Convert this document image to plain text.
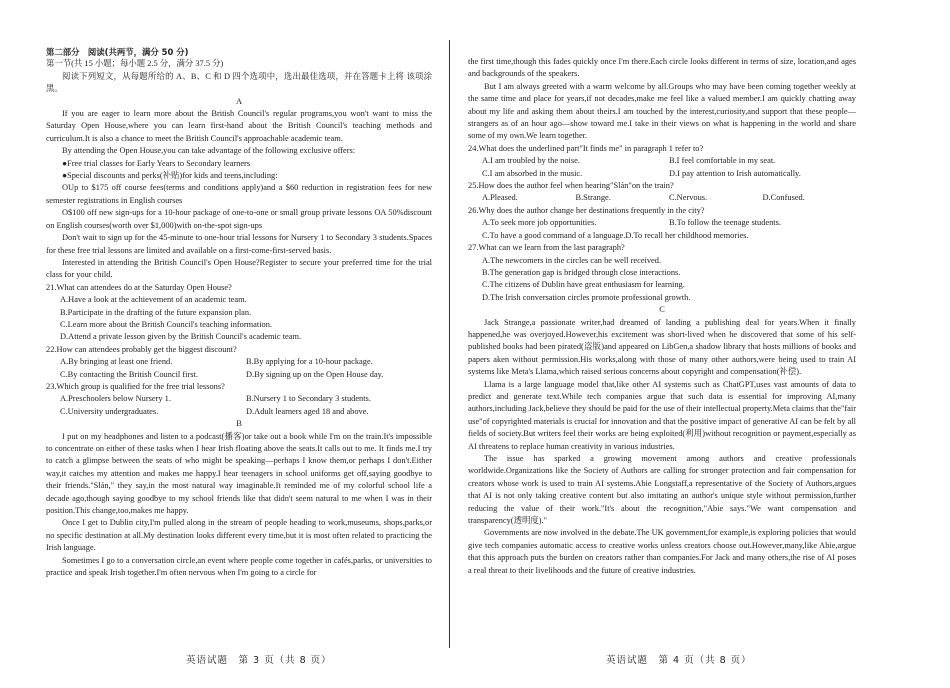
第二部分　阅读(共两节，满分 50 分)

第一节(共 15 小题；每小题 2.5 分，满分 37.5 分)

阅读下列短文，从每题所给的 A、B、C 和 D 四个选项中，选出最佳选项，并在答题卡上将 该项涂黑。

A

If you are eager to learn more about the British Council's regular programs,you won't want to miss the Saturday Open House,where you can learn first-hand about the British Council's teaching methods and curriculum.It is also a chance to meet the British Council's approachable academic team.

By attending the Open House,you can take advantage of the following exclusive offers:

●Free trial classes for Early Years to Secondary learners

●Special discounts and perks(补贴)for kids and teens,including:

OUp to $175 off course fees(terms and conditions apply)and a $60 reduction in registration fees for new semester registrations in English courses

O$100 off new sign-ups for a 10-hour package of one-to-one or small group private lessons OA 50%discount on English courses(worth over $1,000)with on-the-spot sign-ups

Don't wait to sign up for the 45-minute to one-hour trial lessons for Nursery 1 to Secondary 3 students.Spaces for these free trial lessons are limited and available on a first-come-first-served basis.

Interested in attending the British Council's Open House?Register to secure your preferred time for the trial class for your child.

21.What can attendees do at the Saturday Open House?

A.Have a look at the achievement of an academic team.

B.Participate in the drafting of the future expansion plan.

C.Learn more about the British Council's teaching information.

D.Attend a private lesson given by the British Council's academic team.

22.How can attendees probably get the biggest discount?

A.By bringing at least one friend.	B.By applying for a 10-hour package.
C.By contacting the British Council first.	D.By signing up on the Open House day.

23.Which group is qualified for the free trial lessons?

A.Preschoolers below Nursery 1.	B.Nursery 1 to Secondary 3 students.
C.University undergraduates.	D.Adult learners aged 18 and above.

B

I put on my headphones and listen to a podcast(播客)or take out a book while I'm on the train.It's impossible to concentrate on either of these tasks when I hear Irish floating above the seats.It calls out to me. It finds me.I try to catch a glimpse between the seats of who might be speaking—perhaps I know them,or perhaps I don't.Either way,it catches my attention and makes me happy.I hear teenagers in school uniforms get off,saying goodbye to their friends."Slán," they say,in the most natural way imaginable.It reminded me of my colorful school life a decade ago,though saying goodbye to my school friends like that didn't seem natural to me when I was in their position.This change,too,makes me happy.

Once I get to Dublin city,I'm pulled along in the stream of people heading to work,museums, shops,parks,or no specific destination at all.My destination looks different every time,but it is most often related to practicing the Irish language.

Sometimes I go to a conversation circle,an event where people come together in cafés,parks, or universities to practice and speak Irish together.I'm often nervous when I'm going to a circle for

the first time,though this fades quickly once I'm there.Each circle looks different in terms of size, location,and ages and backgrounds of the speakers.

But I am always greeted with a warm welcome by all.Groups who may have been coming together weekly at the same time and place for years,if not decades,make me feel like a valued member.I am quickly chatting away about my life and asking them about theirs.I am touched by the interest,curiosity,and support that these people—strangers as of an hour ago—show toward me.I take in their views on what is happening in the world and share some of my own.We learn together.

24.What does the underlined part"It finds me" in paragraph 1 refer to?

A.I am troubled by the noise.	B.I feel comfortable in my seat.
C.I am absorbed in the music.	D.I pay attention to Irish automatically.

25.How does the author feel when hearing"Slán"on the train?

A.Pleased.	B.Strange.	C.Nervous.	D.Confused.

26.Why does the author change her destinations frequently in the city?

A.To seek more job opportunities.	B.To follow the teenage students.

C.To have a good command of a language.D.To recall her childhood memories.

27.What can we learn from the last paragraph?

A.The newcomers in the circles can be well received.

B.The generation gap is bridged through close interactions.

C.The citizens of Dublin have great enthusiasm for learning.

D.The Irish conversation circles promote professional growth.

C

Jack Strange,a passionate writer,had dreamed of landing a publishing deal for years.When it finally happened,he was overjoyed.However,his excitement was short-lived when he discovered that some of his self-published books had been pirated(盗版)and appeared on LibGen,a shadow library that hosts millions of books and papers aken without permission.His works,along with those of many other authors,were being used to train AI systems like Meta's Llama,which raised serious concerns about copyright and compensation(补偿).

Llama is a large language model that,like other AI systems such as ChatGPT,uses vast amounts of data to predict and generate text.While tech companies argue that such data is essential for improving AI,many authors,including Jack,believe they should be paid for the use of their intellectual property.Meta claims that the"fair use"of copyrighted materials is crucial for innovation and that the positive impact of generative AI can be felt by all fields of society.But writers feel their works are being exploited(利用)without recognition or payment,especially as AI threatens to replace human creativity in various industries.

The issue has sparked a growing movement among authors and creative professionals worldwide.Organizations like the Society of Authors are calling for stronger protection and fair compensation for creators whose work is used to train AI systems.Abie Longstaff,a representative of the Society of Authors,argues that AI is not only taking creative content but also imitating an author's unique style without permission,further reducing the value of their work."It's about the recognition,"Abie says."We want compensation and transparency(透明度)."

Governments are now involved in the debate.The UK government,for example,is exploring policies that would give tech companies automatic access to creative works unless creators choose out.However,many,like Abie,argue that this approach puts the burden on creators rather than companies.For Jack and many others,the rise of AI poses a real threat to their livelihoods and the future of creative industries.

英语试题　第 3 页（共 8 页）	英语试题　第 4 页（共 8 页）
